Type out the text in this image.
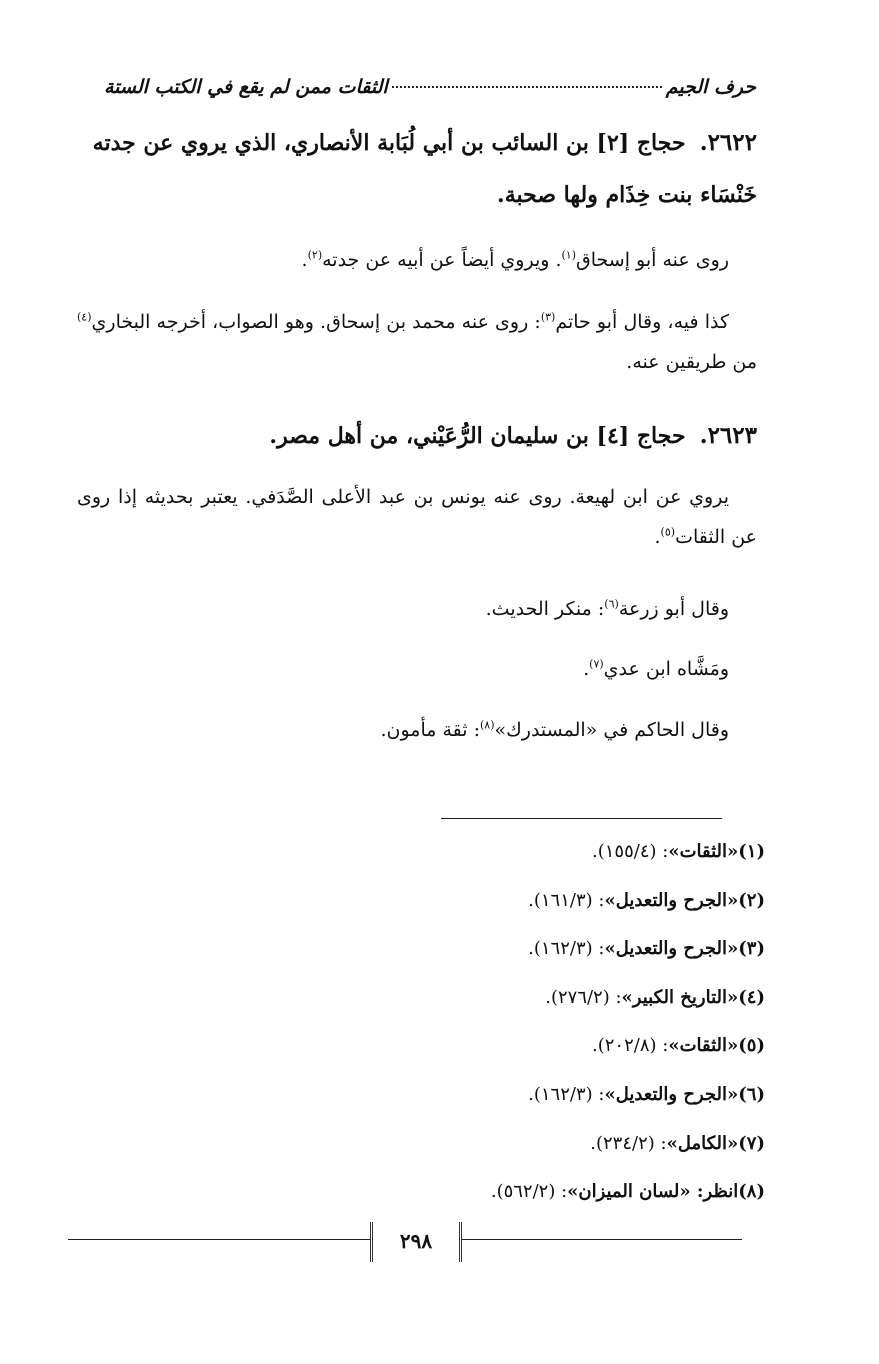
حرف الجيم
الثقات ممن لم يقع في الكتب الستة
٢٦٢٢.حجاج [٢] بن السائب بن أبي لُبَابة الأنصاري، الذي يروي عن جدته خَنْسَاء بنت خِذَام ولها صحبة.

روى عنه أبو إسحاق$^{(١)}$. ويروي أيضاً عن أبيه عن جدته$^{(٢)}$.

كذا فيه، وقال أبو حاتم$^{(٣)}$: روى عنه محمد بن إسحاق. وهو الصواب، أخرجه البخاري$^{(٤)}$ من طريقين عنه.

٢٦٢٣.حجاج [٤] بن سليمان الرُّعَيْني، من أهل مصر.

يروي عن ابن لهيعة. روى عنه يونس بن عبد الأعلى الصَّدَفي. يعتبر بحديثه إذا روى عن الثقات$^{(٥)}$.

وقال أبو زرعة$^{(٦)}$: منكر الحديث.

ومَشَّاه ابن عدي$^{(٧)}$.

وقال الحاكم في «المستدرك»$^{(٨)}$: ثقة مأمون.

(١)«الثقات»: (١٥٥/٤).
(٢)«الجرح والتعديل»: (١٦١/٣).
(٣)«الجرح والتعديل»: (١٦٢/٣).
(٤)«التاريخ الكبير»: (٢٧٦/٢).
(٥)«الثقات»: (٢٠٢/٨).
(٦)«الجرح والتعديل»: (١٦٢/٣).
(٧)«الكامل»: (٢٣٤/٢).
(٨)انظر: «لسان الميزان»: (٥٦٢/٢).
٢٩٨
